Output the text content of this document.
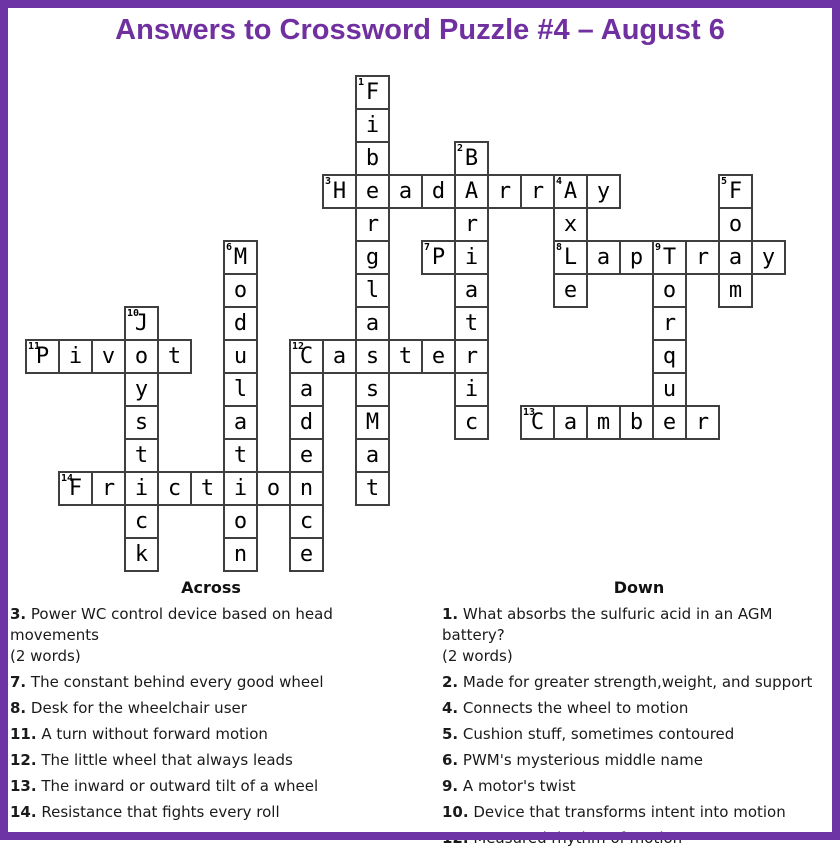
Answers to Crossword Puzzle #4 – August 6
1 F
i
b	2 B
3 H e a d A r r 4 A y	5 F
r	r	x	o
6 M	g	7 P i	8 L a p 9 T r a y
o	l	a	e	o m
10
J	d	a	t	r
11
P i v o t u	12
C a s t e r	q
y	l a s	i	u
s	a d M	c	13
C a m b e r
t	t e a
14
F r i c t i o n t
c	o c
k	n e
Across
3. Power WC control device based on head movements
(2 words)
7. The constant behind every good wheel
8. Desk for the wheelchair user
11. A turn without forward motion
12. The little wheel that always leads
13. The inward or outward tilt of a wheel
14. Resistance that fights every roll
Down
1. What absorbs the sulfuric acid in an AGM battery?
(2 words)
2. Made for greater strength,weight, and support
4. Connects the wheel to motion
5. Cushion stuff, sometimes contoured
6. PWM's mysterious middle name
9. A motor's twist
10. Device that transforms intent into motion
12. Measured rhythm of motion
